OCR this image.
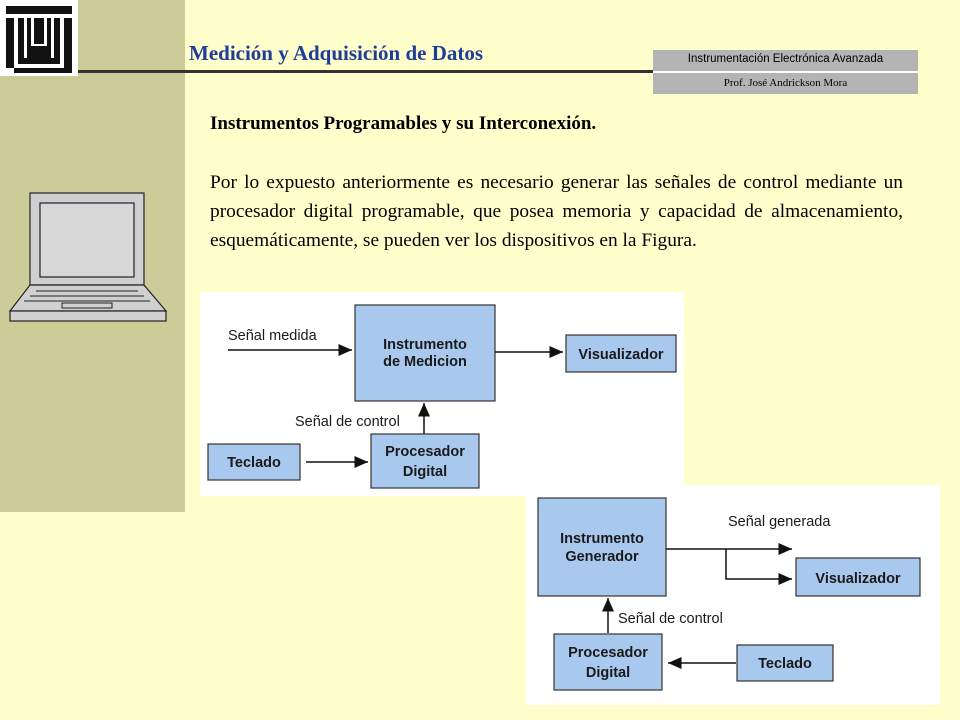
Medición y Adquisición de Datos	Instrumentación Electrónica Avanzada
Prof. José Andrickson Mora
Instrumentos Programables y su Interconexión.

Por lo expuesto anteriormente es necesario generar las señales de control mediante un procesador digital programable, que posea memoria y capacidad de almacenamiento, esquemáticamente, se pueden ver los dispositivos en la Figura.

Señal medida
Instrumento
de Medicion	Visualizador
Señal de control
Teclado
Procesador
Digital
Instrumento
Generador
Señal generada
Visualizador
Señal de control
Procesador
Digital
Teclado
